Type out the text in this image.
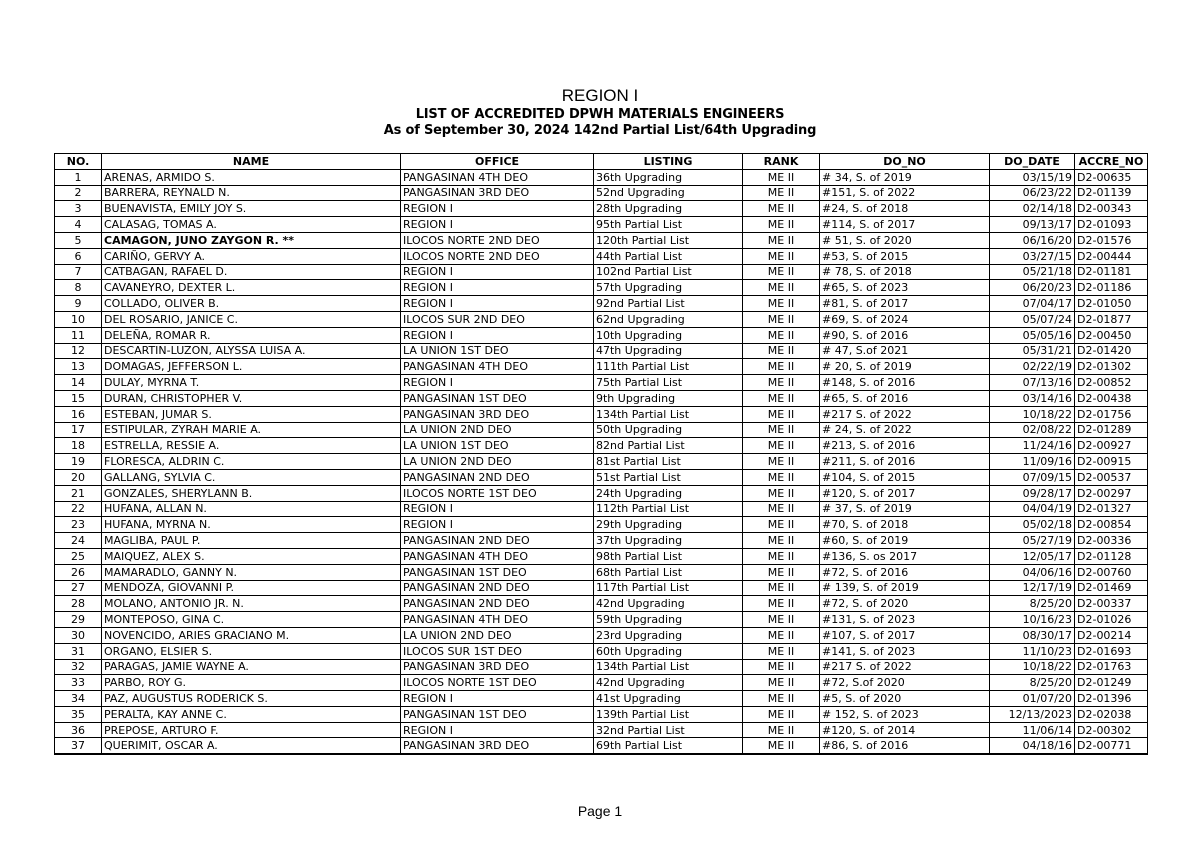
REGION I
LIST OF ACCREDITED DPWH MATERIALS ENGINEERS
As of September 30, 2024 142nd Partial List/64th Upgrading
NO.	NAME	OFFICE	LISTING	RANK	DO_NO	DO_DATE	ACCRE_NO
1	ARENAS, ARMIDO S.	PANGASINAN 4TH DEO	36th Upgrading	ME II	# 34, S. of 2019	03/15/19	D2-00635
2	BARRERA, REYNALD N.	PANGASINAN 3RD DEO	52nd Upgrading	ME II	#151, S. of 2022	06/23/22	D2-01139
3	BUENAVISTA, EMILY JOY S.	REGION I	28th Upgrading	ME II	#24, S. of 2018	02/14/18	D2-00343
4	CALASAG, TOMAS A.	REGION I	95th Partial List	ME II	#114, S. of 2017	09/13/17	D2-01093
5	CAMAGON, JUNO ZAYGON R. **	ILOCOS NORTE 2ND DEO	120th Partial List	ME II	# 51, S. of 2020	06/16/20	D2-01576
6	CARIÑO, GERVY A.	ILOCOS NORTE 2ND DEO	44th Partial List	ME II	#53, S. of 2015	03/27/15	D2-00444
7	CATBAGAN, RAFAEL D.	REGION I	102nd Partial List	ME II	# 78, S. of 2018	05/21/18	D2-01181
8	CAVANEYRO, DEXTER L.	REGION I	57th Upgrading	ME II	#65, S. of 2023	06/20/23	D2-01186
9	COLLADO, OLIVER B.	REGION I	92nd Partial List	ME II	#81, S. of 2017	07/04/17	D2-01050
10	DEL ROSARIO, JANICE C.	ILOCOS SUR 2ND DEO	62nd Upgrading	ME II	#69, S. of 2024	05/07/24	D2-01877
11	DELEÑA, ROMAR R.	REGION I	10th Upgrading	ME II	#90, S. of 2016	05/05/16	D2-00450
12	DESCARTIN-LUZON, ALYSSA LUISA A.	LA UNION 1ST DEO	47th Upgrading	ME II	# 47, S.of 2021	05/31/21	D2-01420
13	DOMAGAS, JEFFERSON L.	PANGASINAN 4TH DEO	111th Partial List	ME II	# 20, S. of 2019	02/22/19	D2-01302
14	DULAY, MYRNA T.	REGION I	75th Partial List	ME II	#148, S. of 2016	07/13/16	D2-00852
15	DURAN, CHRISTOPHER V.	PANGASINAN 1ST DEO	9th Upgrading	ME II	#65, S. of 2016	03/14/16	D2-00438
16	ESTEBAN, JUMAR S.	PANGASINAN 3RD DEO	134th Partial List	ME II	#217 S. of 2022	10/18/22	D2-01756
17	ESTIPULAR, ZYRAH MARIE A.	LA UNION 2ND DEO	50th Upgrading	ME II	# 24, S. of 2022	02/08/22	D2-01289
18	ESTRELLA, RESSIE A.	LA UNION 1ST DEO	82nd Partial List	ME II	#213, S. of 2016	11/24/16	D2-00927
19	FLORESCA, ALDRIN C.	LA UNION 2ND DEO	81st Partial List	ME II	#211, S. of 2016	11/09/16	D2-00915
20	GALLANG, SYLVIA C.	PANGASINAN 2ND DEO	51st Partial List	ME II	#104, S. of 2015	07/09/15	D2-00537
21	GONZALES, SHERYLANN B.	ILOCOS NORTE 1ST DEO	24th Upgrading	ME II	#120, S. of 2017	09/28/17	D2-00297
22	HUFANA, ALLAN N.	REGION I	112th Partial List	ME II	# 37, S. of 2019	04/04/19	D2-01327
23	HUFANA, MYRNA N.	REGION I	29th Upgrading	ME II	#70, S. of 2018	05/02/18	D2-00854
24	MAGLIBA, PAUL P.	PANGASINAN 2ND DEO	37th Upgrading	ME II	#60, S. of 2019	05/27/19	D2-00336
25	MAIQUEZ, ALEX S.	PANGASINAN 4TH DEO	98th Partial List	ME II	#136, S. os 2017	12/05/17	D2-01128
26	MAMARADLO, GANNY N.	PANGASINAN 1ST DEO	68th Partial List	ME II	#72, S. of 2016	04/06/16	D2-00760
27	MENDOZA, GIOVANNI P.	PANGASINAN 2ND DEO	117th Partial List	ME II	# 139, S. of 2019	12/17/19	D2-01469
28	MOLANO, ANTONIO JR. N.	PANGASINAN 2ND DEO	42nd Upgrading	ME II	#72, S. of 2020	8/25/20	D2-00337
29	MONTEPOSO, GINA C.	PANGASINAN 4TH DEO	59th Upgrading	ME II	#131, S. of 2023	10/16/23	D2-01026
30	NOVENCIDO, ARIES GRACIANO M.	LA UNION 2ND DEO	23rd Upgrading	ME II	#107, S. of 2017	08/30/17	D2-00214
31	ORGANO, ELSIER S.	ILOCOS SUR 1ST DEO	60th Upgrading	ME II	#141, S. of 2023	11/10/23	D2-01693
32	PARAGAS, JAMIE WAYNE A.	PANGASINAN 3RD DEO	134th Partial List	ME II	#217 S. of 2022	10/18/22	D2-01763
33	PARBO, ROY G.	ILOCOS NORTE 1ST DEO	42nd Upgrading	ME II	#72, S.of 2020	8/25/20	D2-01249
34	PAZ, AUGUSTUS RODERICK S.	REGION I	41st Upgrading	ME II	#5, S. of 2020	01/07/20	D2-01396
35	PERALTA, KAY ANNE C.	PANGASINAN 1ST DEO	139th Partial List	ME II	# 152, S. of 2023	12/13/2023	D2-02038
36	PREPOSE, ARTURO F.	REGION I	32nd Partial List	ME II	#120, S. of 2014	11/06/14	D2-00302
37	QUERIMIT, OSCAR A.	PANGASINAN 3RD DEO	69th Partial List	ME II	#86, S. of 2016	04/18/16	D2-00771
Page 1
